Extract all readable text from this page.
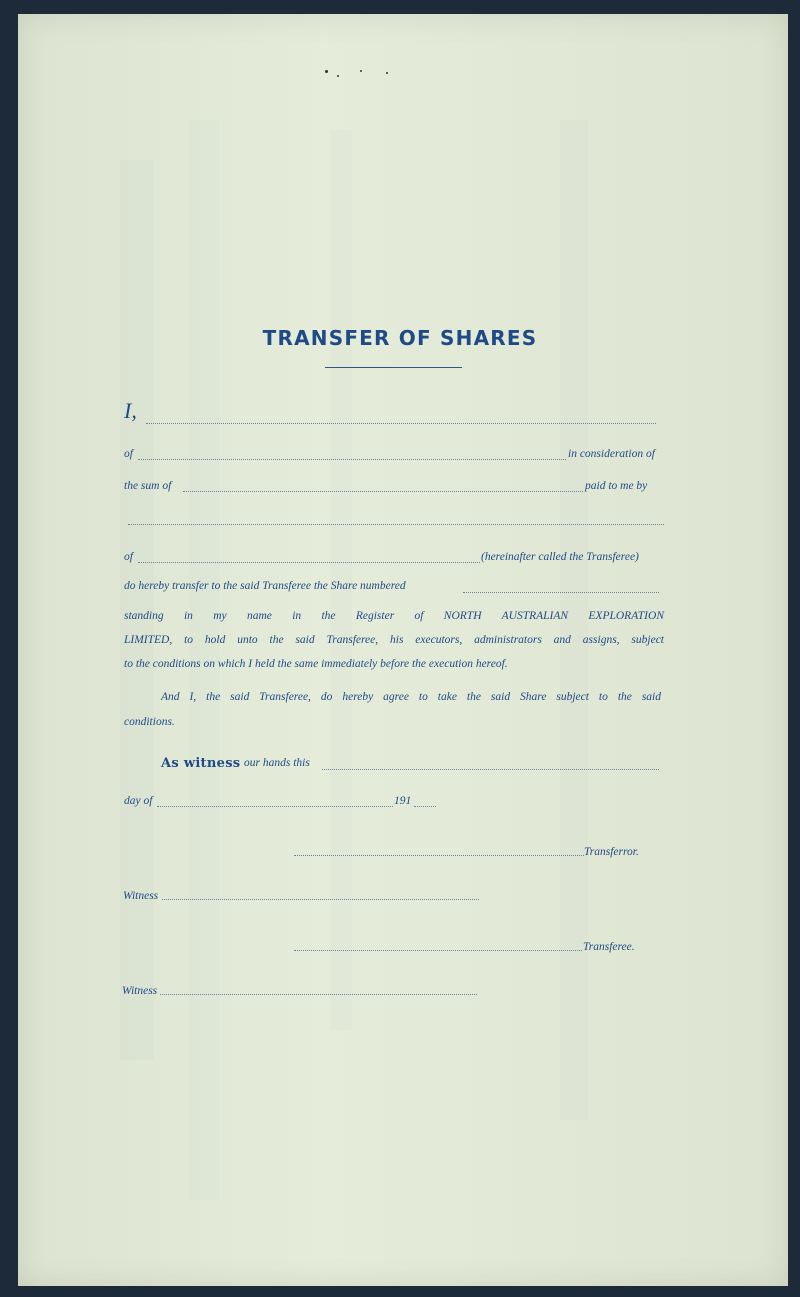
TRANSFER OF SHARES
I,
of	in consideration of
the sum of	paid to me by
of	(hereinafter called the Transferee)
do hereby transfer to the said Transferee the Share numbered
standing in my name in the Register of NORTH AUSTRALIAN EXPLORATION
LIMITED, to hold unto the said Transferee, his executors, administrators and assigns, subject
to the conditions on which I held the same immediately before the execution hereof.
And I, the said Transferee, do hereby agree to take the said Share subject to the said
conditions.
As witness our hands this
day of	191
Transferror.
Witness
Transferee.
Witness
